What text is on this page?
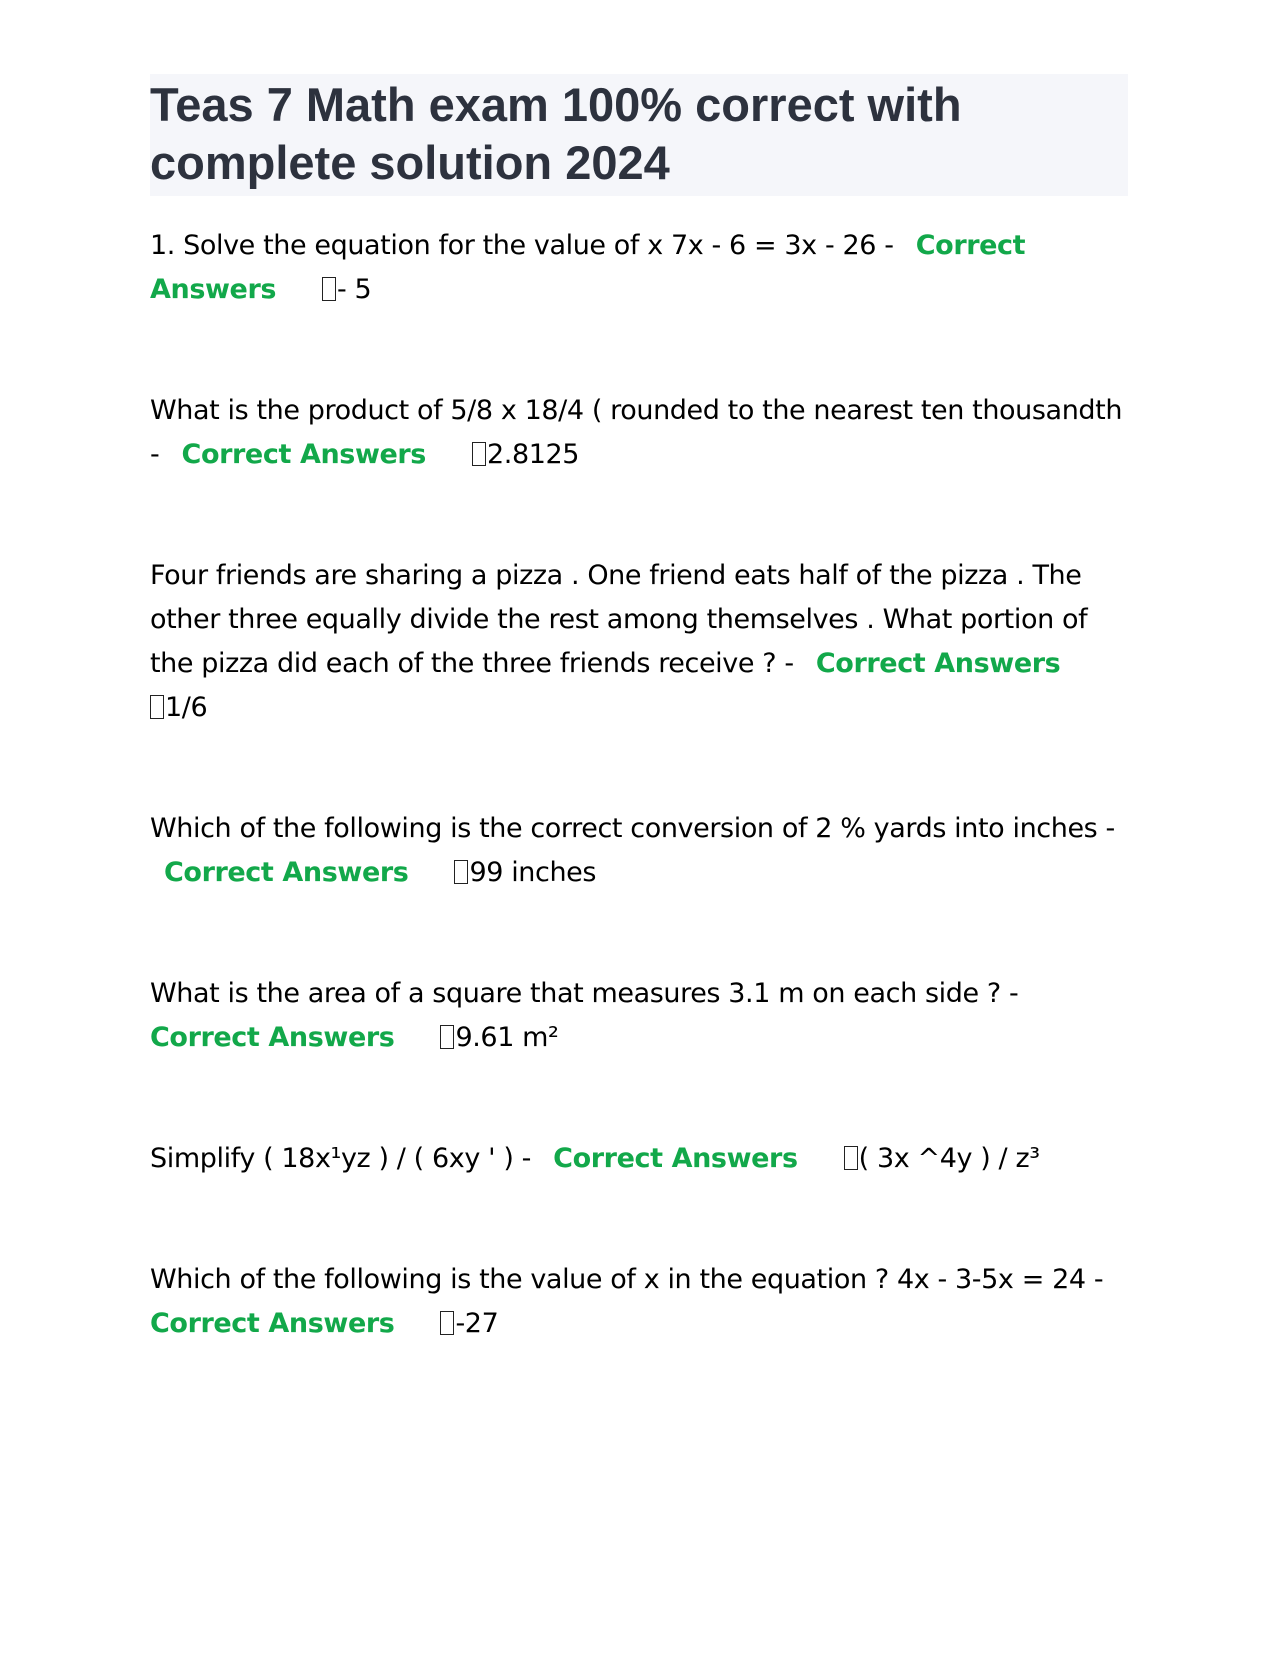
Teas 7 Math exam 100% correct with complete solution 2024

1. Solve the equation for the value of x 7x - 6 = 3x - 26 - Correct Answers - 5

What is the product of 5/8 x 18/4 ( rounded to the nearest ten thousandth - Correct Answers 2.8125

Four friends are sharing a pizza . One friend eats half of the pizza . The other three equally divide the rest among themselves . What portion of the pizza did each of the three friends receive ? - Correct Answers
1/6

Which of the following is the correct conversion of 2 % yards into inches - Correct Answers 99 inches

What is the area of a square that measures 3.1 m on each side ? -
Correct Answers 9.61 m²

Simplify ( 18x¹yz ) / ( 6xy ' ) - Correct Answers ( 3x ^4y ) / z³

Which of the following is the value of x in the equation ? 4x - 3-5x = 24 -
Correct Answers -27
